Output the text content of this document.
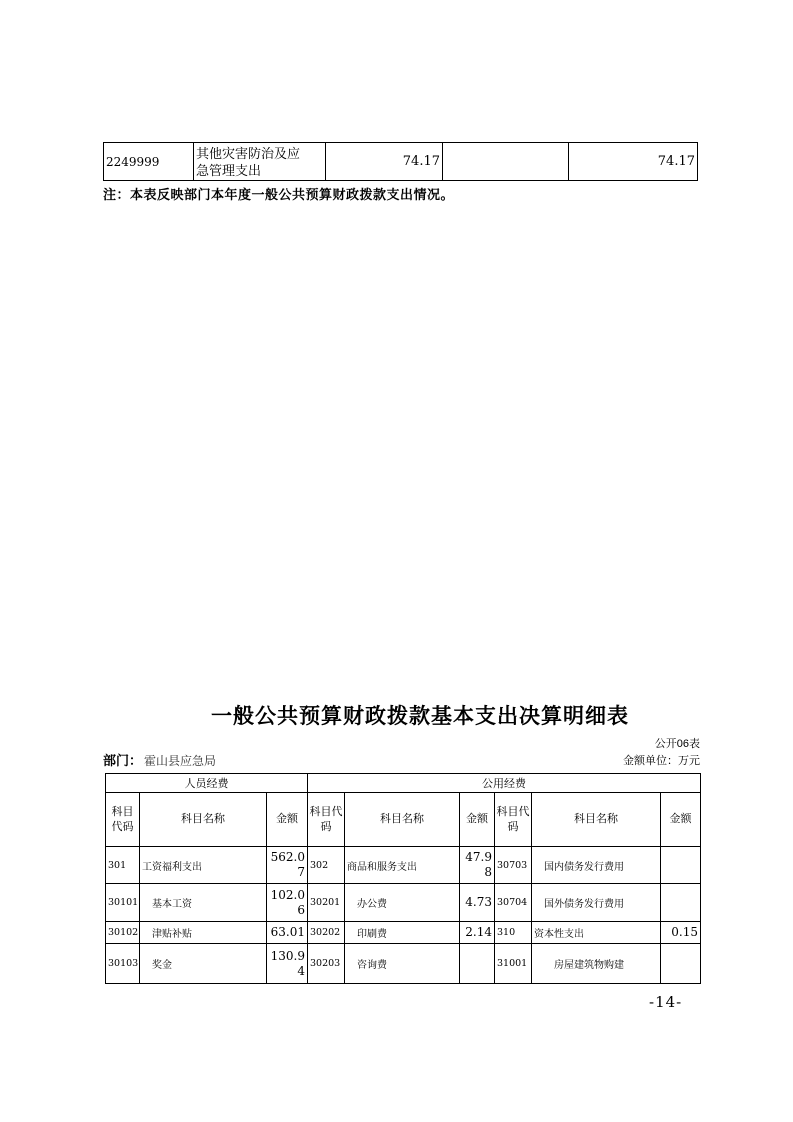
2249999	其他灾害防治及应急管理支出	74.17		74.17
注：本表反映部门本年度一般公共预算财政拨款支出情况。
一般公共预算财政拨款基本支出决算明细表
公开06表
金额单位：万元
部门： 霍山县应急局
人员经费			公用经费					
科目代码	科目名称	金额	科目代码	科目名称	金额	科目代码	科目名称	金额
301	工资福利支出	562.07	302	商品和服务支出	47.98	30703	　国内债务发行费用	
30101	　基本工资	102.06	30201	　办公费	4.73	30704	　国外债务发行费用	
30102	　津贴补贴	63.01	30202	　印刷费	2.14	310	资本性支出	0.15
30103	　奖金	130.94	30203	　咨询费		31001	　　房屋建筑物购建	
-14-
